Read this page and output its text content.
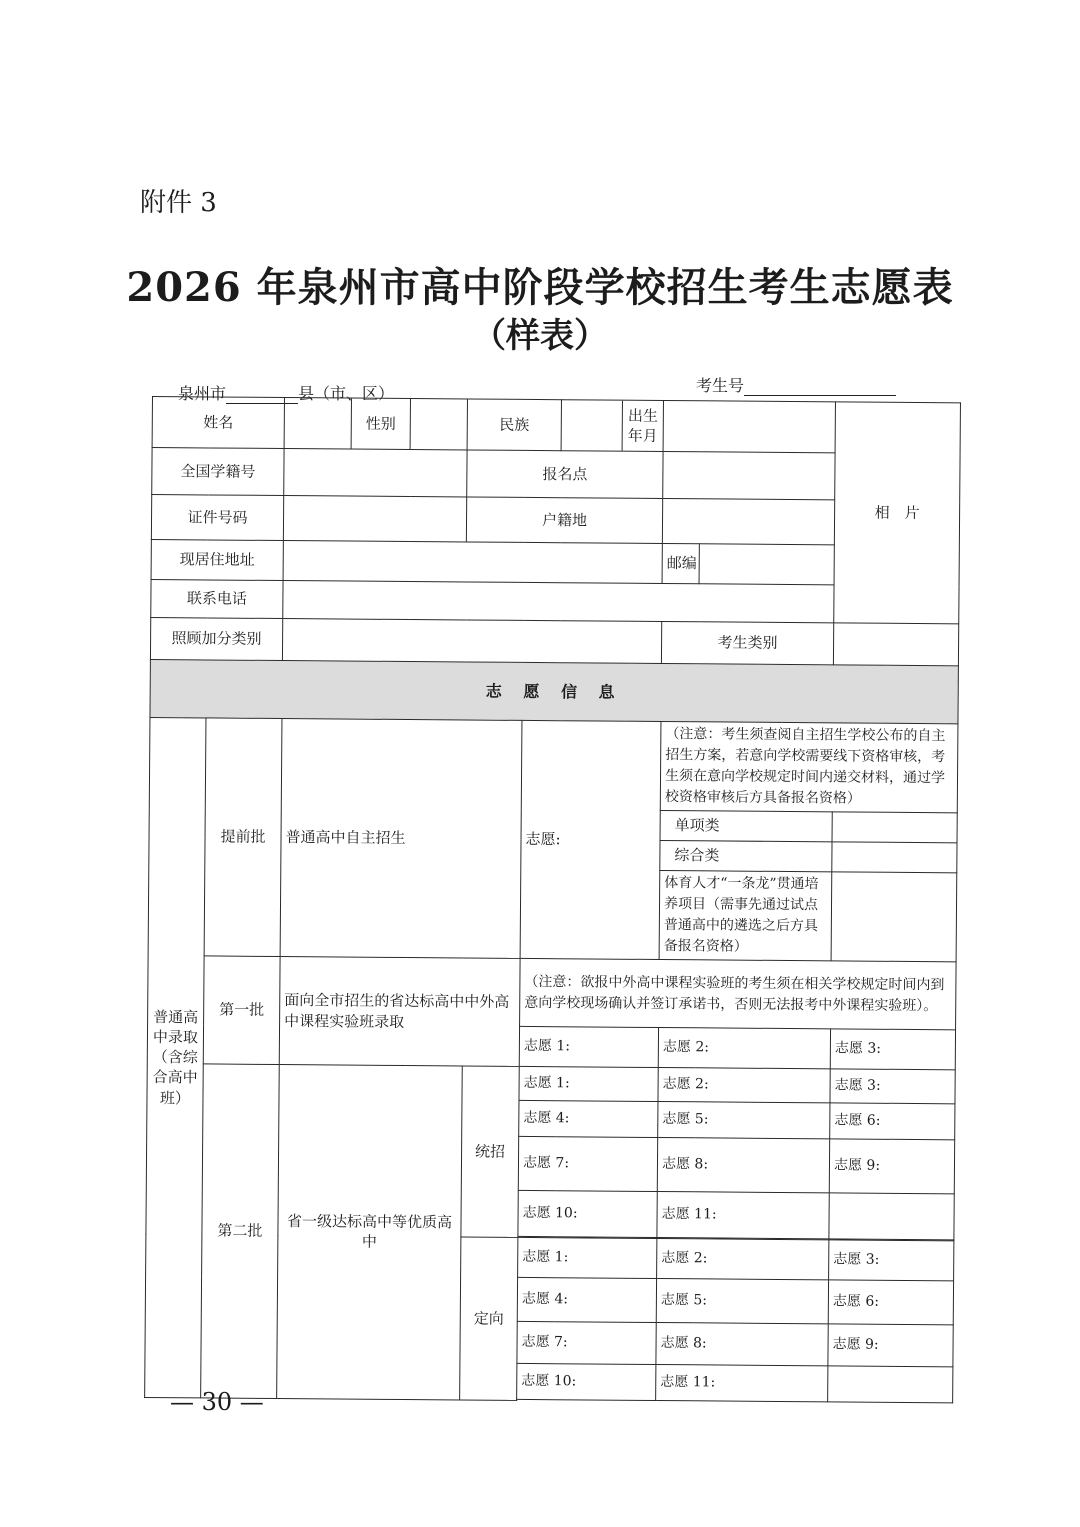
附件 3
2026 年泉州市高中阶段学校招生考生志愿表
（样表）
泉州市	县（市、区）	考生号
姓名		性别		民族		出生年月			相　片
全国学籍号				报名点					
证件号码				户籍地					
现居住地址							邮编		

联系电话									
照顾加分类别							考生类别		
志 愿 信 息									
普通高中录取（含综合高中班）	提前批	普通高中自主招生			志愿:		（注意：考生须查阅自主招生学校公布的自主招生方案，若意向学校需要线下资格审核，考生须在意向学校规定时间内递交材料，通过学校资格审核后方具备报名资格）		
							单项类		
							综合类		
							体育人才“一条龙”贯通培养项目（需事先通过试点普通高中的遴选之后方具备报名资格）		
	第一批	面向全市招生的省达标高中中外高中课程实验班录取			（注意：欲报中外高中课程实验班的考生须在相关学校规定时间内到意向学校现场确认并签订承诺书，否则无法报考中外课程实验班）。				
					志愿 1:		志愿 2:		志愿 3:
	第二批	省一级达标高中等优质高中		统招	志愿 1:		志愿 2:		志愿 3:
					志愿 4:		志愿 5:		志愿 6:
					志愿 7:		志愿 8:		志愿 9:
					志愿 10:		志愿 11:		

				定向	志愿 1:		志愿 2:		志愿 3:
					志愿 4:		志愿 5:		志愿 6:
					志愿 7:		志愿 8:		志愿 9:
					志愿 10:		志愿 11:		

— 30 —
